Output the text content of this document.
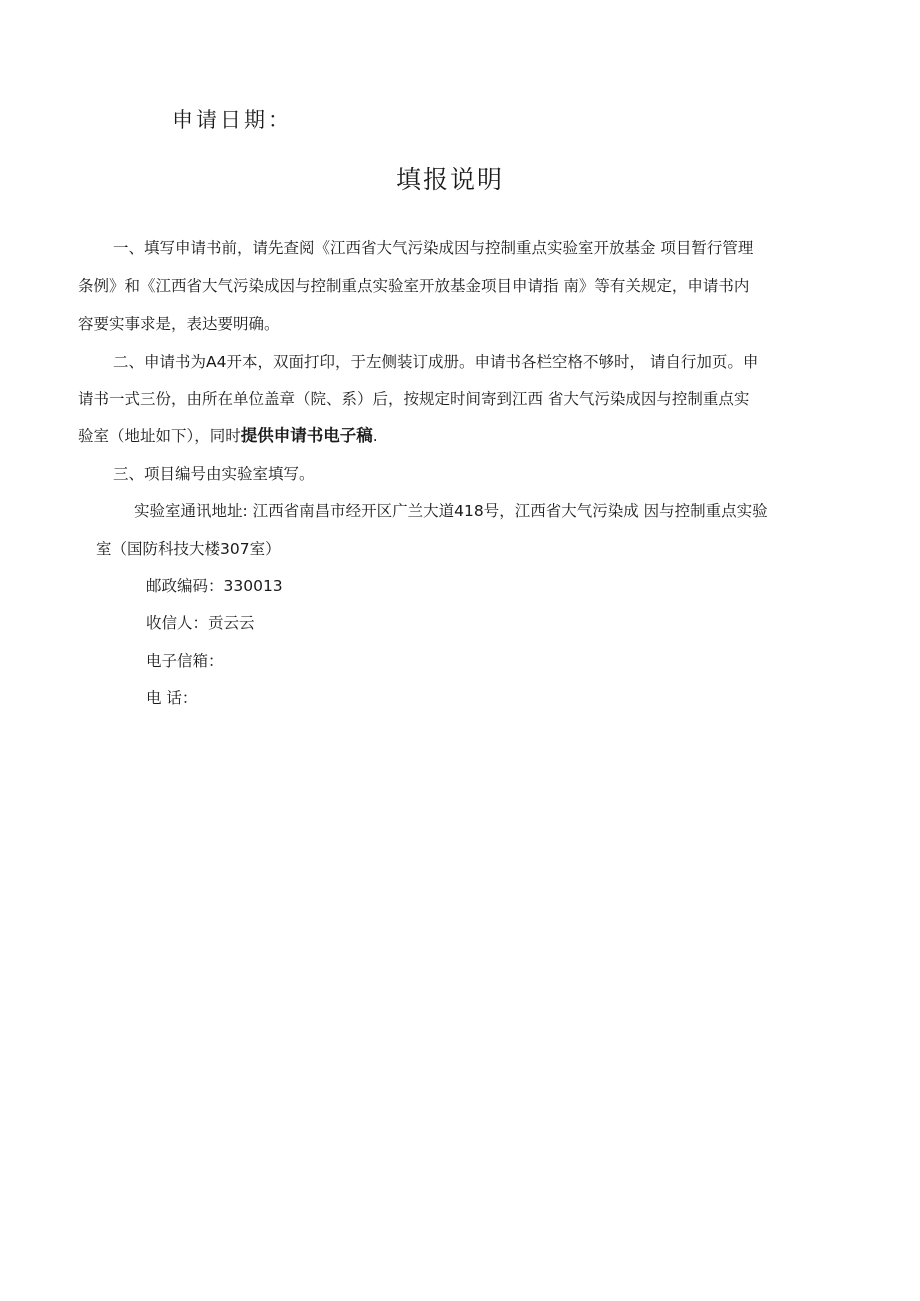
申请日期：
填报说明
一、填写申请书前，请先查阅《江西省大气污染成因与控制重点实验室开放基金 项目暂行管理
条例》和《江西省大气污染成因与控制重点实验室开放基金项目申请指 南》等有关规定，申请书内
容要实事求是，表达要明确。
二、申请书为A4开本，双面打印，于左侧装订成册。申请书各栏空格不够时， 请自行加页。申
请书一式三份，由所在单位盖章（院、系）后，按规定时间寄到江西 省大气污染成因与控制重点实
验室（地址如下），同时提供申请书电子稿.
三、项目编号由实验室填写。
实验室通讯地址: 江西省南昌市经开区广兰大道418号，江西省大气污染成 因与控制重点实验
室（国防科技大楼307室）
邮政编码：330013
收信人：贡云云
电子信箱：
电 话：
